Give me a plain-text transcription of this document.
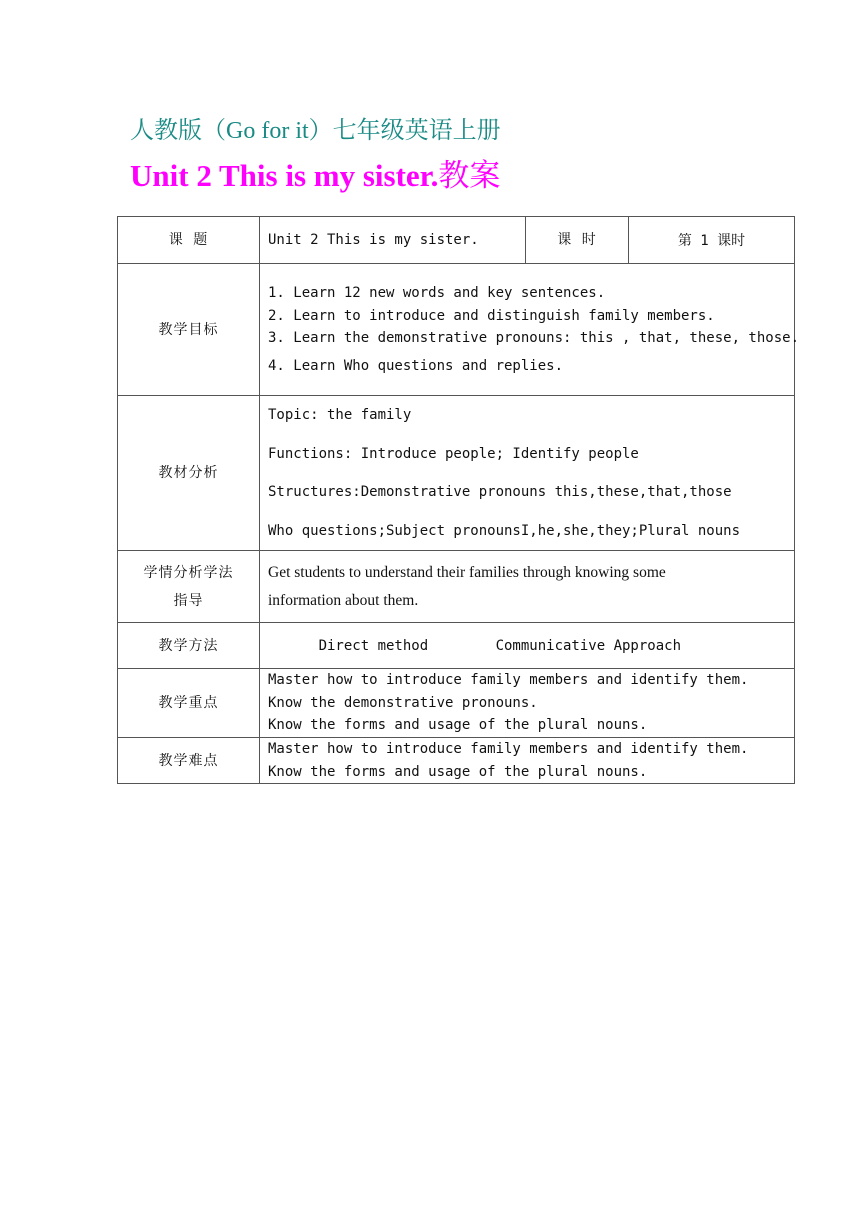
人教版（Go for it）七年级英语上册
Unit 2 This is my sister.教案
课 题	Unit 2 This is my sister.	课 时	第 1 课时
教学目标	1. Learn 12 new words and key sentences.
2. Learn to introduce and distinguish family members.
3. Learn the demonstrative pronouns: this , that, these, those.
4. Learn Who questions and replies.		

教材分析	Topic: the family
Functions: Introduce people; Identify people
Structures:Demonstrative pronouns this,these,that,those
Who questions;Subject pronounsI,he,she,they;Plural nouns		

学情分析学法
指导	Get students to understand their families through knowing some
information about them.		

教学方法	Direct method        Communicative Approach		
教学重点	Master how to introduce family members and identify them.
Know the demonstrative pronouns.
Know the forms and usage of the plural nouns.		

教学难点	Master how to introduce family members and identify them.
Know the forms and usage of the plural nouns.		
